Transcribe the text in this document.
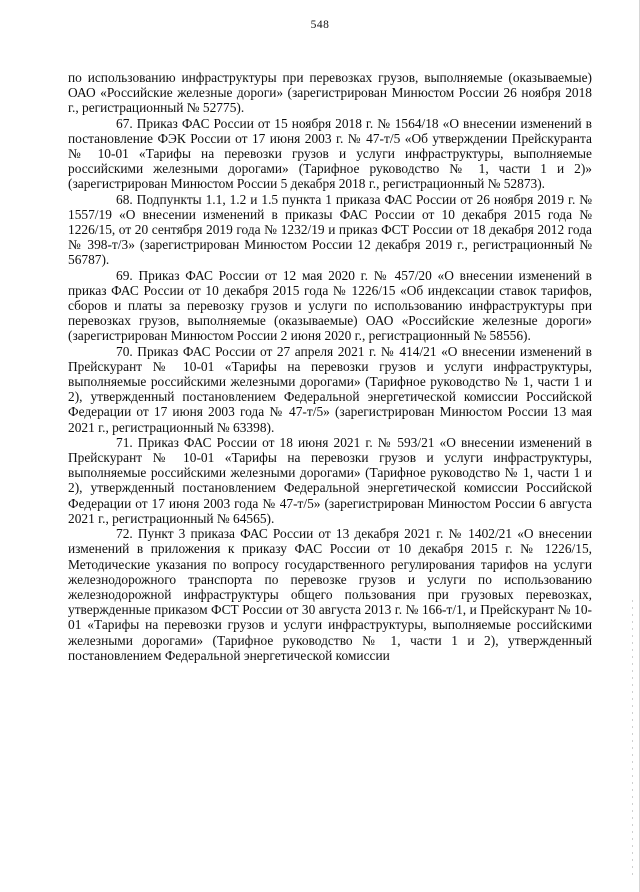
548

по использованию инфраструктуры при перевозках грузов, выполняемые (оказываемые) ОАО «Российские железные дороги» (зарегистрирован Минюстом России 26 ноября 2018 г., регистрационный № 52775).

67. Приказ ФАС России от 15 ноября 2018 г. № 1564/18 «О внесении изменений в постановление ФЭК России от 17 июня 2003 г. № 47-т/5 «Об утверждении Прейскуранта № 10-01 «Тарифы на перевозки грузов и услуги инфраструктуры, выполняемые российскими железными дорогами» (Тарифное руководство № 1, части 1 и 2)» (зарегистрирован Минюстом России 5 декабря 2018 г., регистрационный № 52873).

68. Подпункты 1.1, 1.2 и 1.5 пункта 1 приказа ФАС России от 26 ноября 2019 г. № 1557/19 «О внесении изменений в приказы ФАС России от 10 декабря 2015 года № 1226/15, от 20 сентября 2019 года № 1232/19 и приказ ФСТ России от 18 декабря 2012 года № 398-т/3» (зарегистрирован Минюстом России 12 декабря 2019 г., регистрационный № 56787).

69. Приказ ФАС России от 12 мая 2020 г. № 457/20 «О внесении изменений в приказ ФАС России от 10 декабря 2015 года № 1226/15 «Об индексации ставок тарифов, сборов и платы за перевозку грузов и услуги по использованию инфраструктуры при перевозках грузов, выполняемые (оказываемые) ОАО «Российские железные дороги» (зарегистрирован Минюстом России 2 июня 2020 г., регистрационный № 58556).

70. Приказ ФАС России от 27 апреля 2021 г. № 414/21 «О внесении изменений в Прейскурант № 10-01 «Тарифы на перевозки грузов и услуги инфраструктуры, выполняемые российскими железными дорогами» (Тарифное руководство № 1, части 1 и 2), утвержденный постановлением Федеральной энергетической комиссии Российской Федерации от 17 июня 2003 года № 47-т/5» (зарегистрирован Минюстом России 13 мая 2021 г., регистрационный № 63398).

71. Приказ ФАС России от 18 июня 2021 г. № 593/21 «О внесении изменений в Прейскурант № 10-01 «Тарифы на перевозки грузов и услуги инфраструктуры, выполняемые российскими железными дорогами» (Тарифное руководство № 1, части 1 и 2), утвержденный постановлением Федеральной энергетической комиссии Российской Федерации от 17 июня 2003 года № 47-т/5» (зарегистрирован Минюстом России 6 августа 2021 г., регистрационный № 64565).

72. Пункт 3 приказа ФАС России от 13 декабря 2021 г. № 1402/21 «О внесении изменений в приложения к приказу ФАС России от 10 декабря 2015 г. № 1226/15, Методические указания по вопросу государственного регулирования тарифов на услуги железнодорожного транспорта по перевозке грузов и услуги по использованию железнодорожной инфраструктуры общего пользования при грузовых перевозках, утвержденные приказом ФСТ России от 30 августа 2013 г. № 166-т/1, и Прейскурант № 10-01 «Тарифы на перевозки грузов и услуги инфраструктуры, выполняемые российскими железными дорогами» (Тарифное руководство № 1, части 1 и 2), утвержденный постановлением Федеральной энергетической комиссии
